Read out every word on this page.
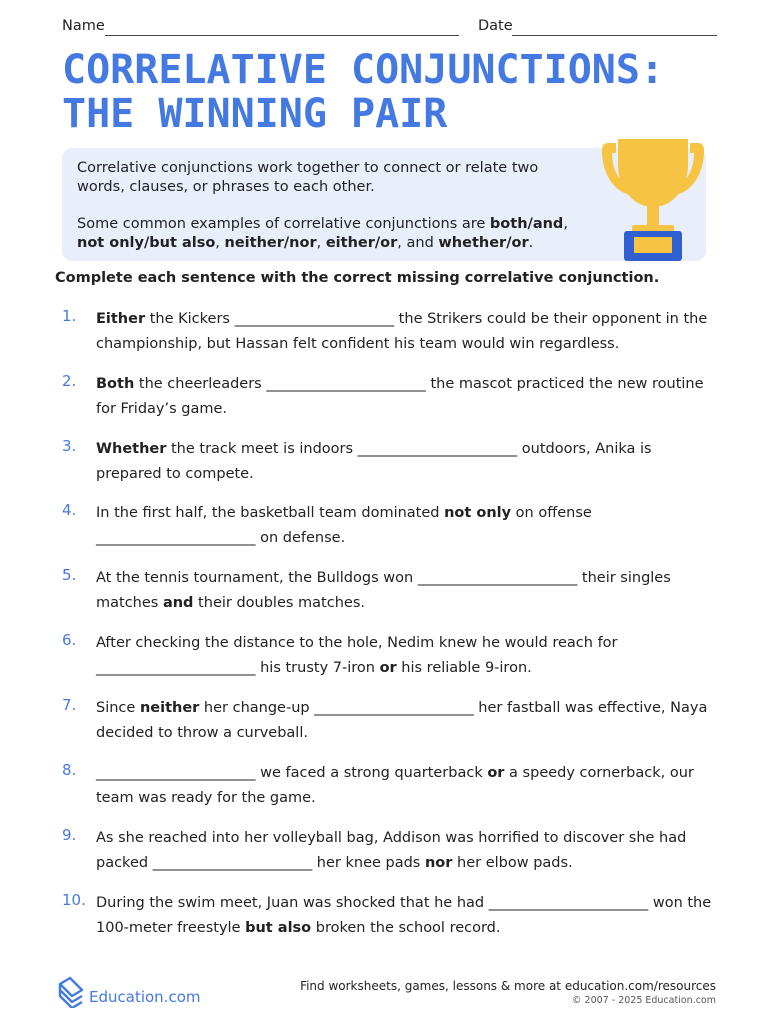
Name	Date
CORRELATIVE CONJUNCTIONS:
THE WINNING PAIR

Correlative conjunctions work together to connect or relate two words, clauses, or phrases to each other.

Some common examples of correlative conjunctions are both/and, not only/but also, neither/nor, either/or, and whether/or.

Complete each sentence with the correct missing correlative conjunction.

1. Either the Kickers ______________________ the Strikers could be their opponent in the championship, but Hassan felt confident his team would win regardless.

2. Both the cheerleaders ______________________ the mascot practiced the new routine for Friday’s game.

3. Whether the track meet is indoors ______________________ outdoors, Anika is prepared to compete.

4. In the first half, the basketball team dominated not only on offense ______________________ on defense.

5. At the tennis tournament, the Bulldogs won ______________________ their singles matches and their doubles matches.

6. After checking the distance to the hole, Nedim knew he would reach for ______________________ his trusty 7-iron or his reliable 9-iron.

7. Since neither her change-up ______________________ her fastball was effective, Naya decided to throw a curveball.

8. ______________________ we faced a strong quarterback or a speedy cornerback, our team was ready for the game.

9. As she reached into her volleyball bag, Addison was horrified to discover she had packed ______________________ her knee pads nor her elbow pads.

10. During the swim meet, Juan was shocked that he had ______________________ won the 100-meter freestyle but also broken the school record.

Education.com
Find worksheets, games, lessons & more at education.com/resources
© 2007 - 2025 Education.com
